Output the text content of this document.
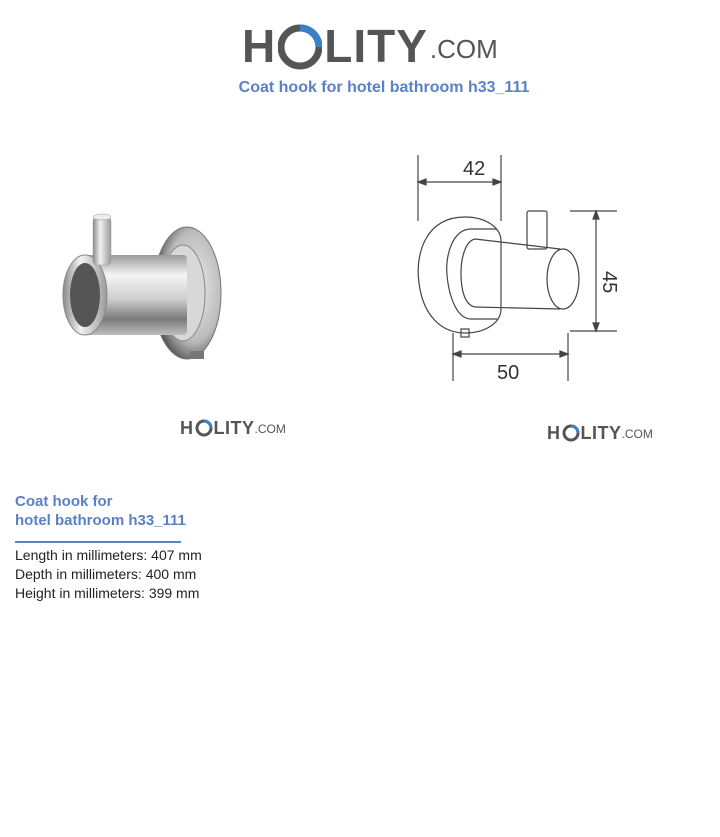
H LITY .COM
Coat hook for hotel bathroom h33_111
42
50
45
H LITY .COM	H LITY .COM
Coat hook for
hotel bathroom h33_111
Length in millimeters: 407 mm
Depth in millimeters: 400 mm
Height in millimeters: 399 mm
